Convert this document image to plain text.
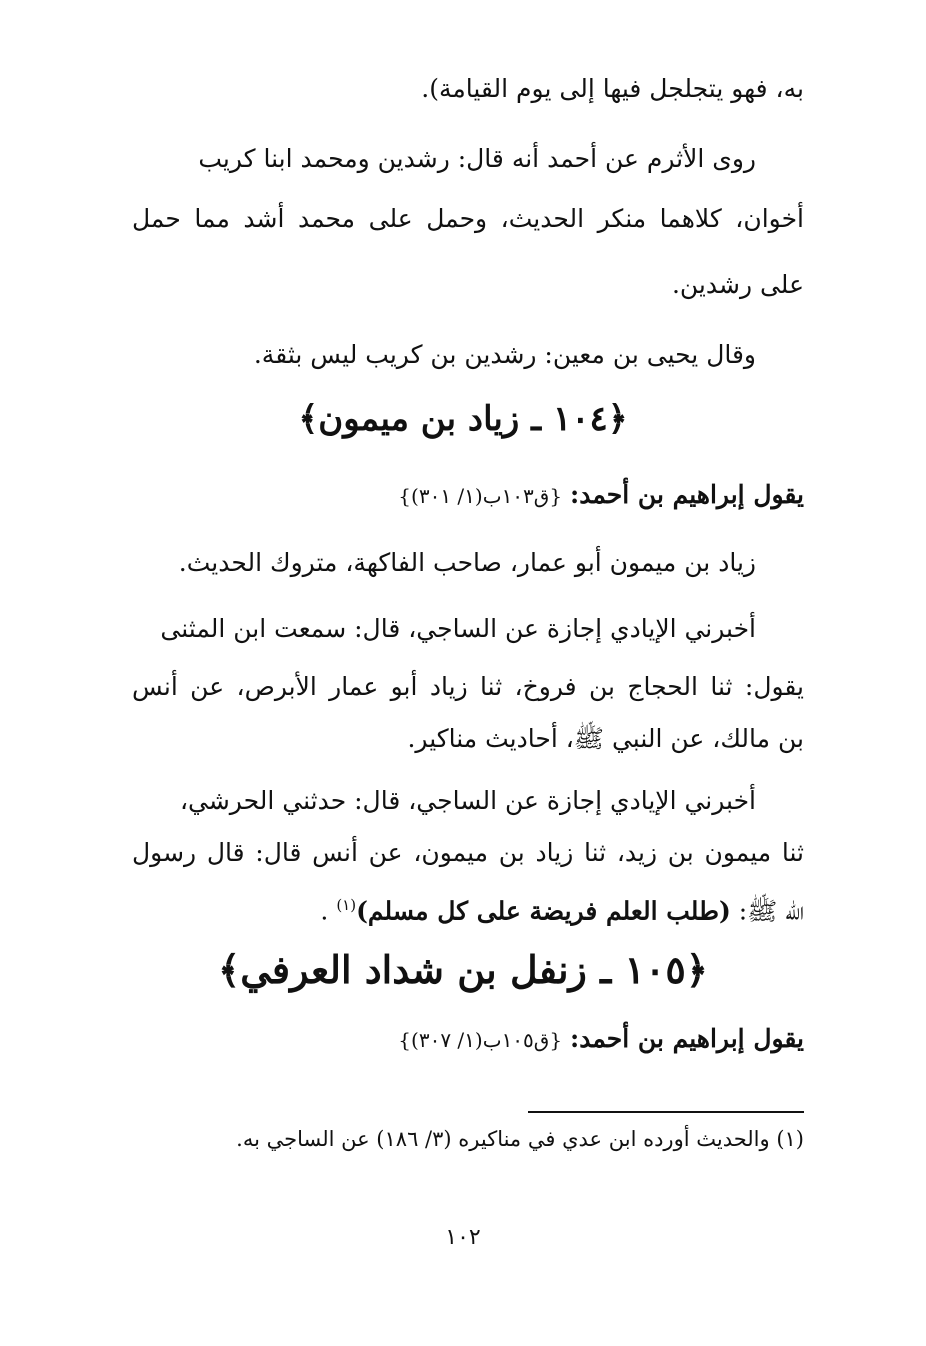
به، فهو يتجلجل فيها إلى يوم القيامة).
روى الأثرم عن أحمد أنه قال: رشدين ومحمد ابنا كريب
أخوان، كلاهما منكر الحديث، وحمل على محمد أشد مما حمل
على رشدين.
وقال يحيى بن معين: رشدين بن كريب ليس بثقة.
﴿١٠٤ ـ زياد بن ميمون﴾
يقول إبراهيم بن أحمد: {ق١٠٣ب(١/ ٣٠١)}
زياد بن ميمون أبو عمار، صاحب الفاكهة، متروك الحديث.
أخبرني الإيادي إجازة عن الساجي، قال: سمعت ابن المثنى
يقول: ثنا الحجاج بن فروخ، ثنا زياد أبو عمار الأبرص، عن أنس
بن مالك، عن النبي ﷺ، أحاديث مناكير.
أخبرني الإيادي إجازة عن الساجي، قال: حدثني الحرشي،
ثنا ميمون بن زيد، ثنا زياد بن ميمون، عن أنس قال: قال رسول
الله ﷺ: (طلب العلم فريضة على كل مسلم)$^{(١)}$ .
﴿١٠٥ ـ زنفل بن شداد العرفي﴾
يقول إبراهيم بن أحمد: {ق١٠٥ب(١/ ٣٠٧)}
(١) والحديث أورده ابن عدي في مناكيره (٣/ ١٨٦) عن الساجي به.
١٠٢
